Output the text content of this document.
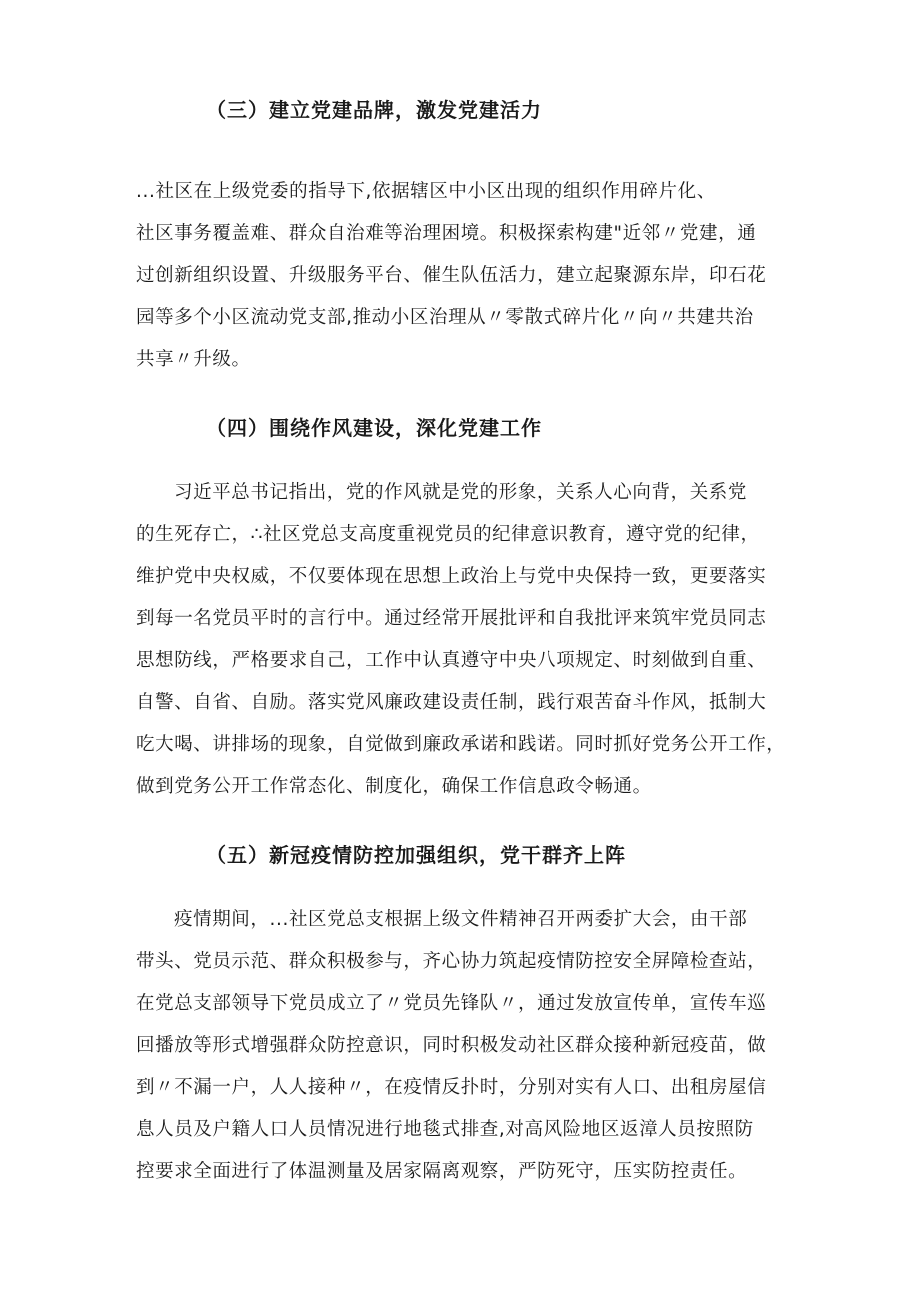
（三）建立党建品牌，激发党建活力
...社区在上级党委的指导下,依据辖区中小区出现的组织作用碎片化、
社区事务覆盖难、群众自治难等治理困境。积极探索构建"近邻〃党建，通
过创新组织设置、升级服务平台、催生队伍活力，建立起聚源东岸，印石花
园等多个小区流动党支部,推动小区治理从〃零散式碎片化〃向〃共建共治
共享〃升级。
（四）围绕作风建设，深化党建工作
习近平总书记指出，党的作风就是党的形象，关系人心向背，关系党
的生死存亡，∴社区党总支高度重视党员的纪律意识教育，遵守党的纪律，
维护党中央权威，不仅要体现在思想上政治上与党中央保持一致，更要落实
到每一名党员平时的言行中。通过经常开展批评和自我批评来筑牢党员同志
思想防线，严格要求自己，工作中认真遵守中央八项规定、时刻做到自重、
自警、自省、自励。落实党风廉政建设责任制，践行艰苦奋斗作风，抵制大
吃大喝、讲排场的现象，自觉做到廉政承诺和践诺。同时抓好党务公开工作，
做到党务公开工作常态化、制度化，确保工作信息政令畅通。
（五）新冠疫情防控加强组织，党干群齐上阵
疫情期间，...社区党总支根据上级文件精神召开两委扩大会，由干部
带头、党员示范、群众积极参与，齐心协力筑起疫情防控安全屏障检查站，
在党总支部领导下党员成立了〃党员先锋队〃，通过发放宣传单，宣传车巡
回播放等形式增强群众防控意识，同时积极发动社区群众接种新冠疫苗，做
到〃不漏一户，人人接种〃，在疫情反扑时，分别对实有人口、出租房屋信
息人员及户籍人口人员情况进行地毯式排查,对高风险地区返漳人员按照防
控要求全面进行了体温测量及居家隔离观察，严防死守，压实防控责任。
